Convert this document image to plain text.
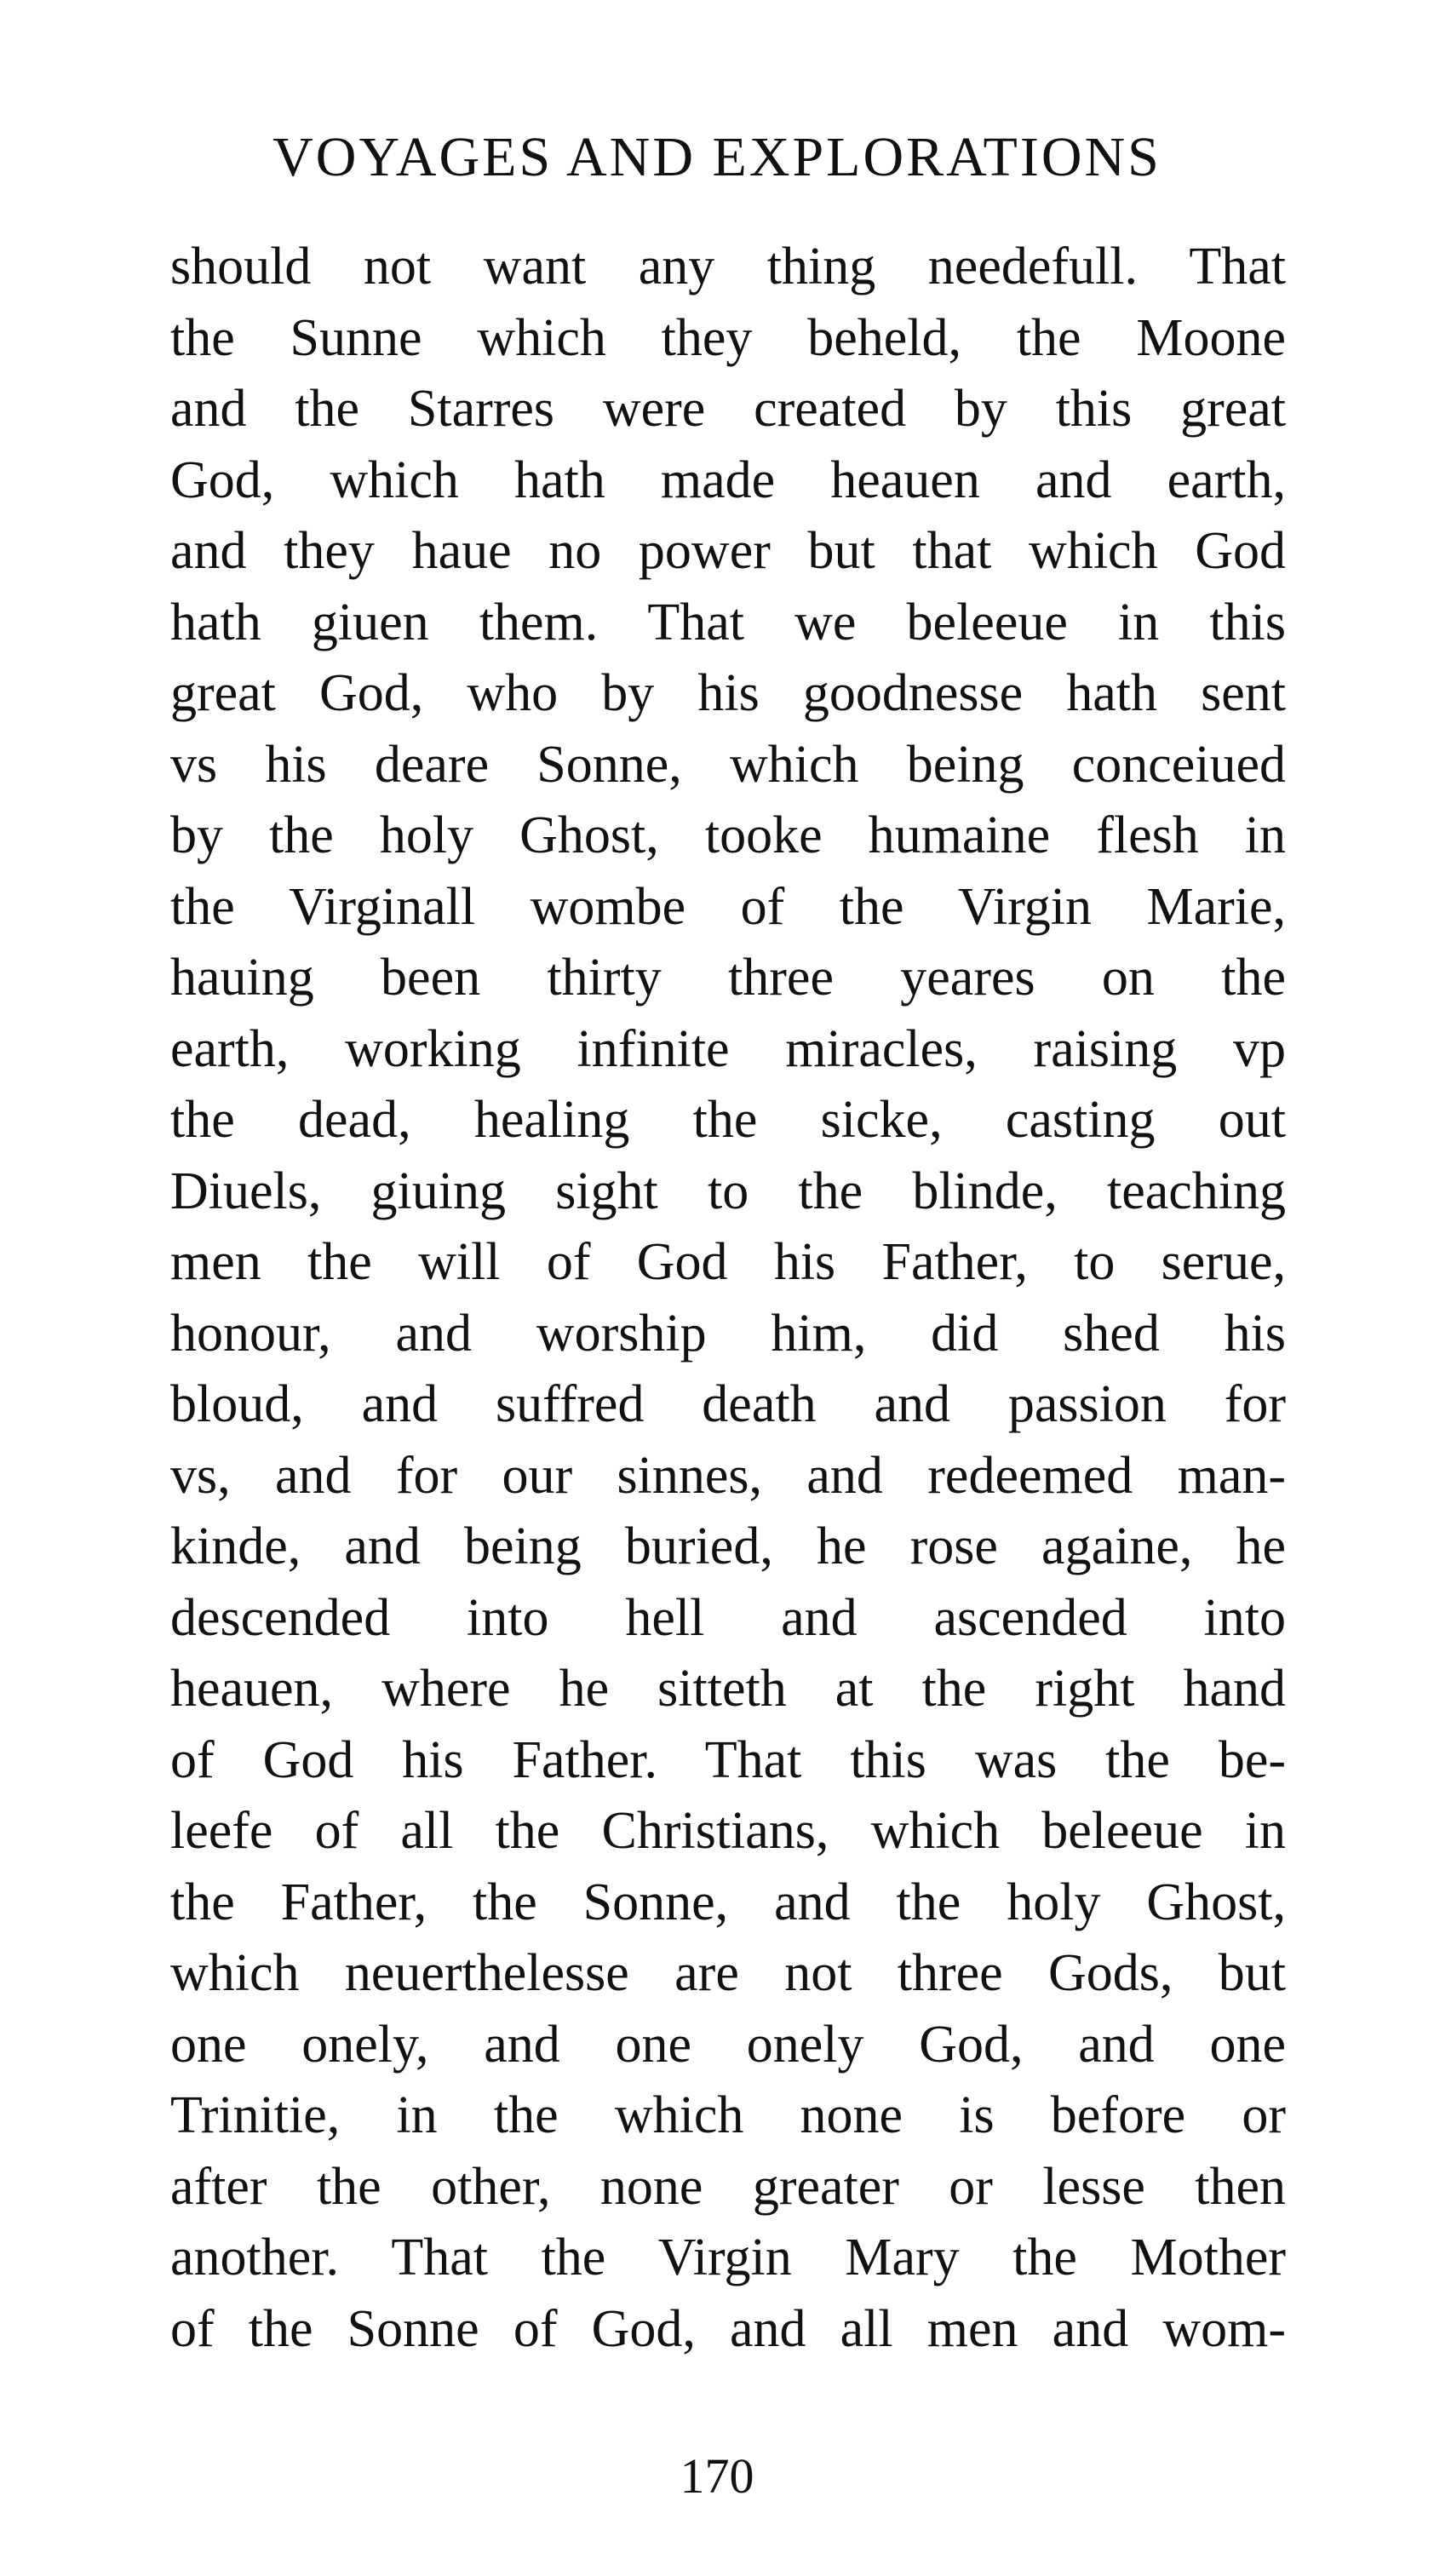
VOYAGES AND EXPLORATIONS
should not want any thing needefull. That
the Sunne which they beheld, the Moone
and the Starres were created by this great
God, which hath made heauen and earth,
and they haue no power but that which God
hath giuen them. That we beleeue in this
great God, who by his goodnesse hath sent
vs his deare Sonne, which being conceiued
by the holy Ghost, tooke humaine flesh in
the Virginall wombe of the Virgin Marie,
hauing been thirty three yeares on the
earth, working infinite miracles, raising vp
the dead, healing the sicke, casting out
Diuels, giuing sight to the blinde, teaching
men the will of God his Father, to serue,
honour, and worship him, did shed his
bloud, and suffred death and passion for
vs, and for our sinnes, and redeemed man-
kinde, and being buried, he rose againe, he
descended into hell and ascended into
heauen, where he sitteth at the right hand
of God his Father. That this was the be-
leefe of all the Christians, which beleeue in
the Father, the Sonne, and the holy Ghost,
which neuerthelesse are not three Gods, but
one onely, and one onely God, and one
Trinitie, in the which none is before or
after the other, none greater or lesse then
another. That the Virgin Mary the Mother
of the Sonne of God, and all men and wom-
170
